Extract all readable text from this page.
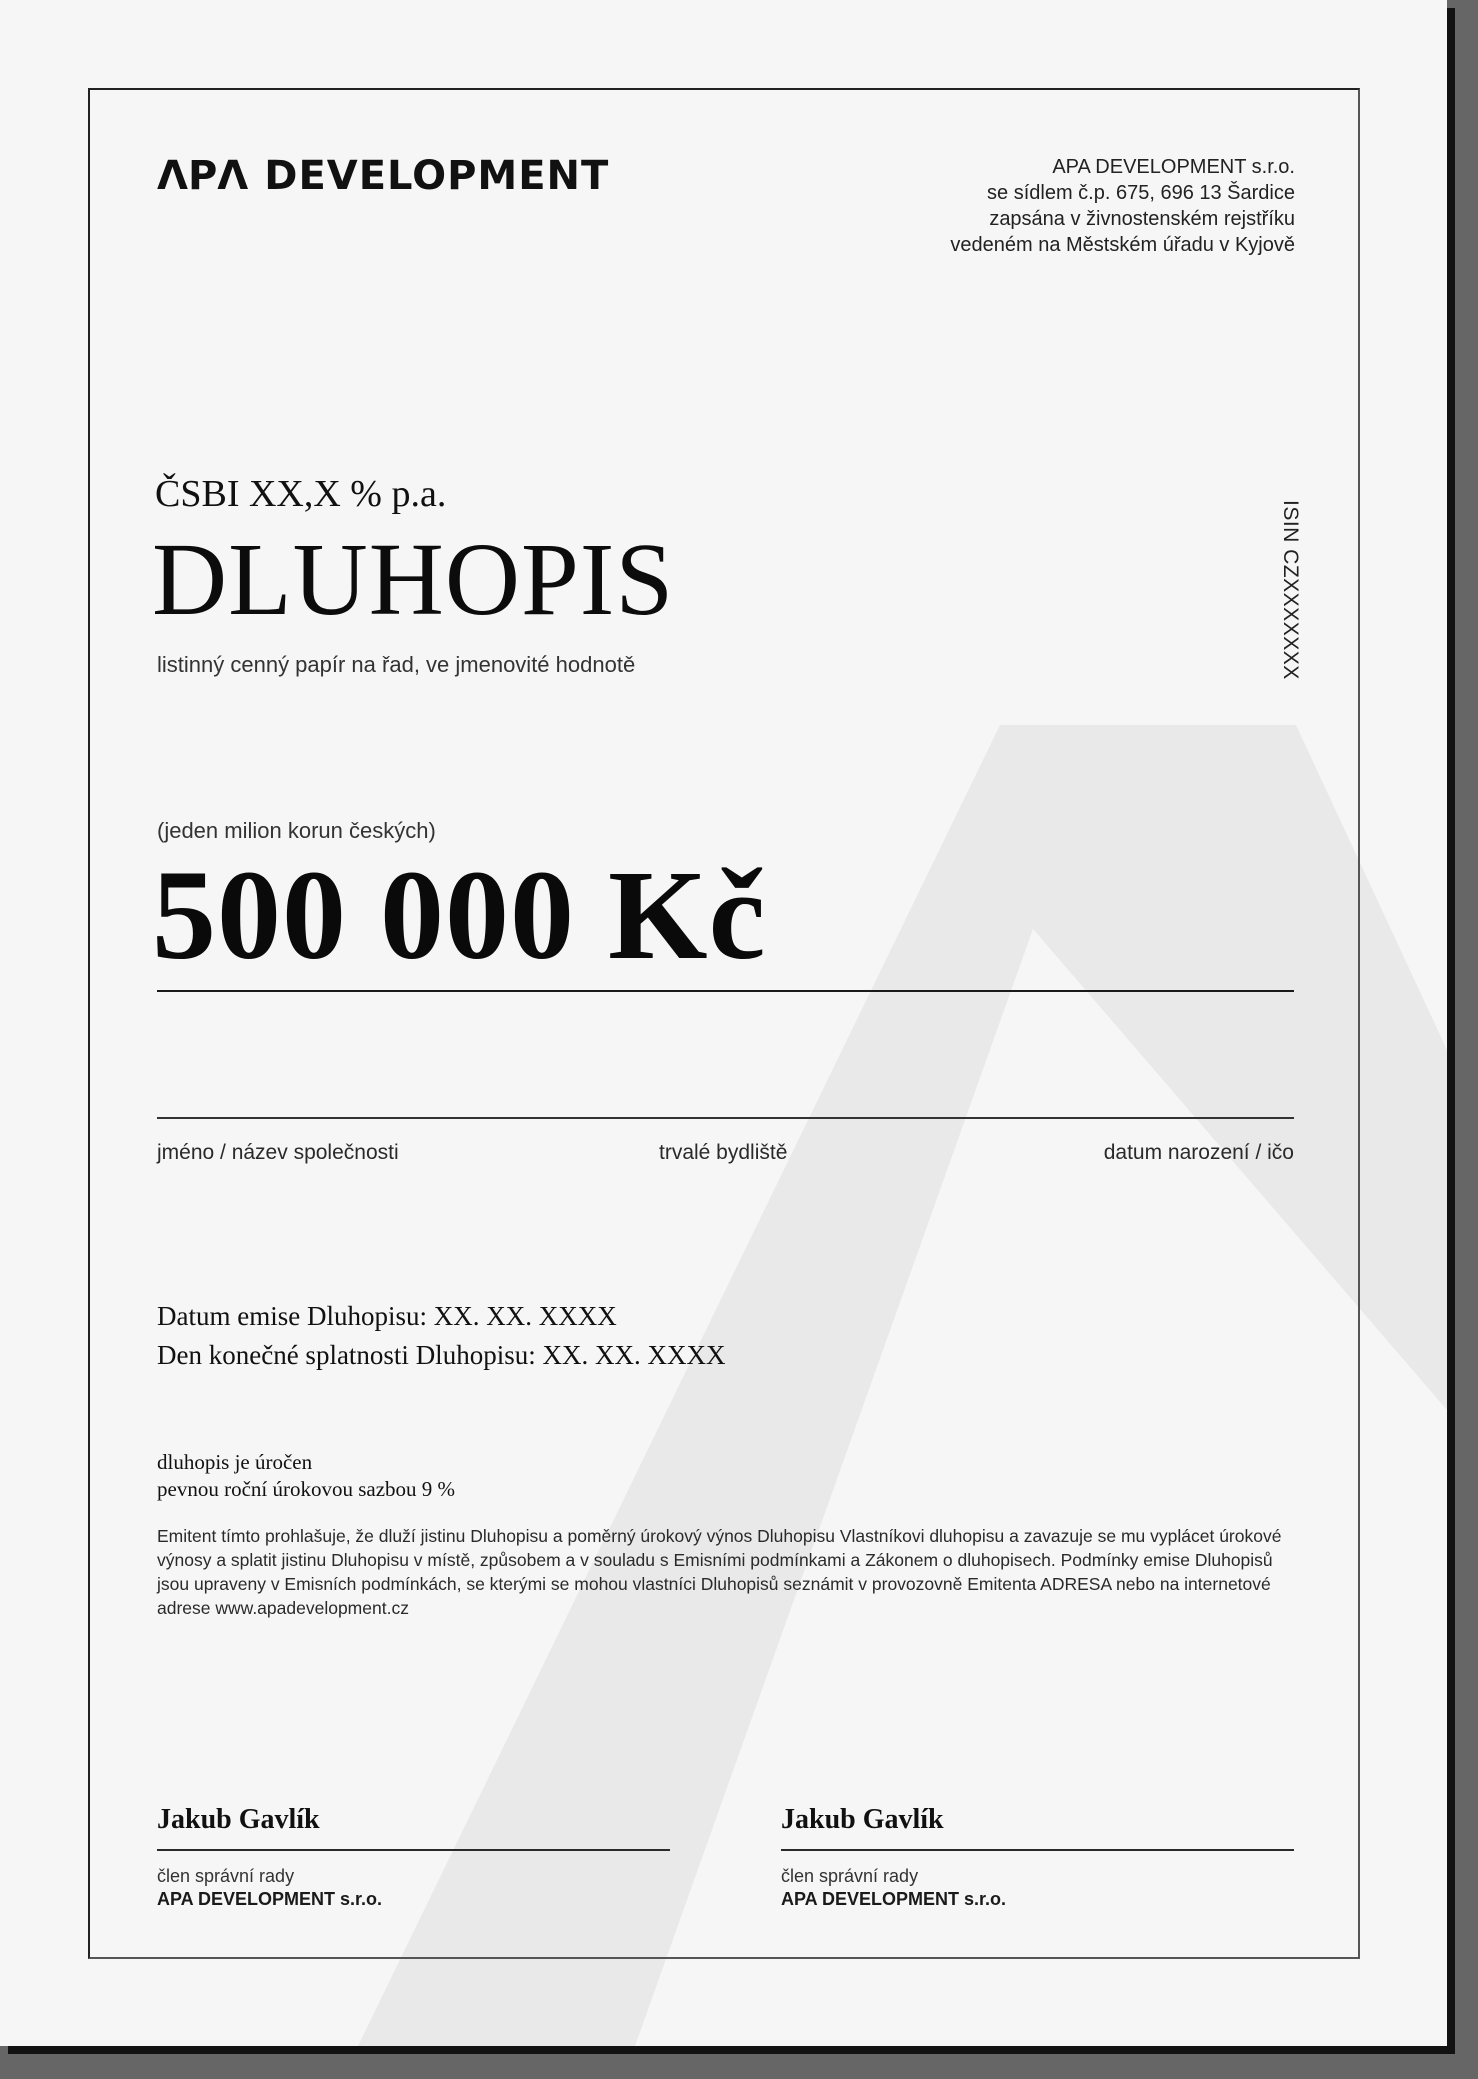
ΛPΛ DEVELOPMENT	APA DEVELOPMENT s.r.o.
se sídlem č.p. 675, 696 13 Šardice
zapsána v živnostenském rejstříku
vedeném na Městském úřadu v Kyjově
ČSBI XX,X % p.a.
DLUHOPIS
listinný cenný papír na řad, ve jmenovité hodnotě	ISIN CZXXXXXXX
(jeden milion korun českých)
500 000 Kč
jméno / název společnosti	trvalé bydliště	datum narození / ičo
Datum emise Dluhopisu: XX. XX. XXXX
Den konečné splatnosti Dluhopisu: XX. XX. XXXX
dluhopis je úročen
pevnou roční úrokovou sazbou 9 %
Emitent tímto prohlašuje, že dluží jistinu Dluhopisu a poměrný úrokový výnos Dluhopisu Vlastníkovi dluhopisu a zavazuje se mu vyplácet úrokové výnosy a splatit jistinu Dluhopisu v místě, způsobem a v souladu s Emisními podmínkami a Zákonem o dluhopisech. Podmínky emise Dluhopisů jsou upraveny v Emisních podmínkách, se kterými se mohou vlastníci Dluhopisů seznámit v provozovně Emitenta ADRESA nebo na internetové adrese www.apadevelopment.cz
Jakub Gavlík
člen správní rady
APA DEVELOPMENT s.r.o.
Jakub Gavlík
člen správní rady
APA DEVELOPMENT s.r.o.
